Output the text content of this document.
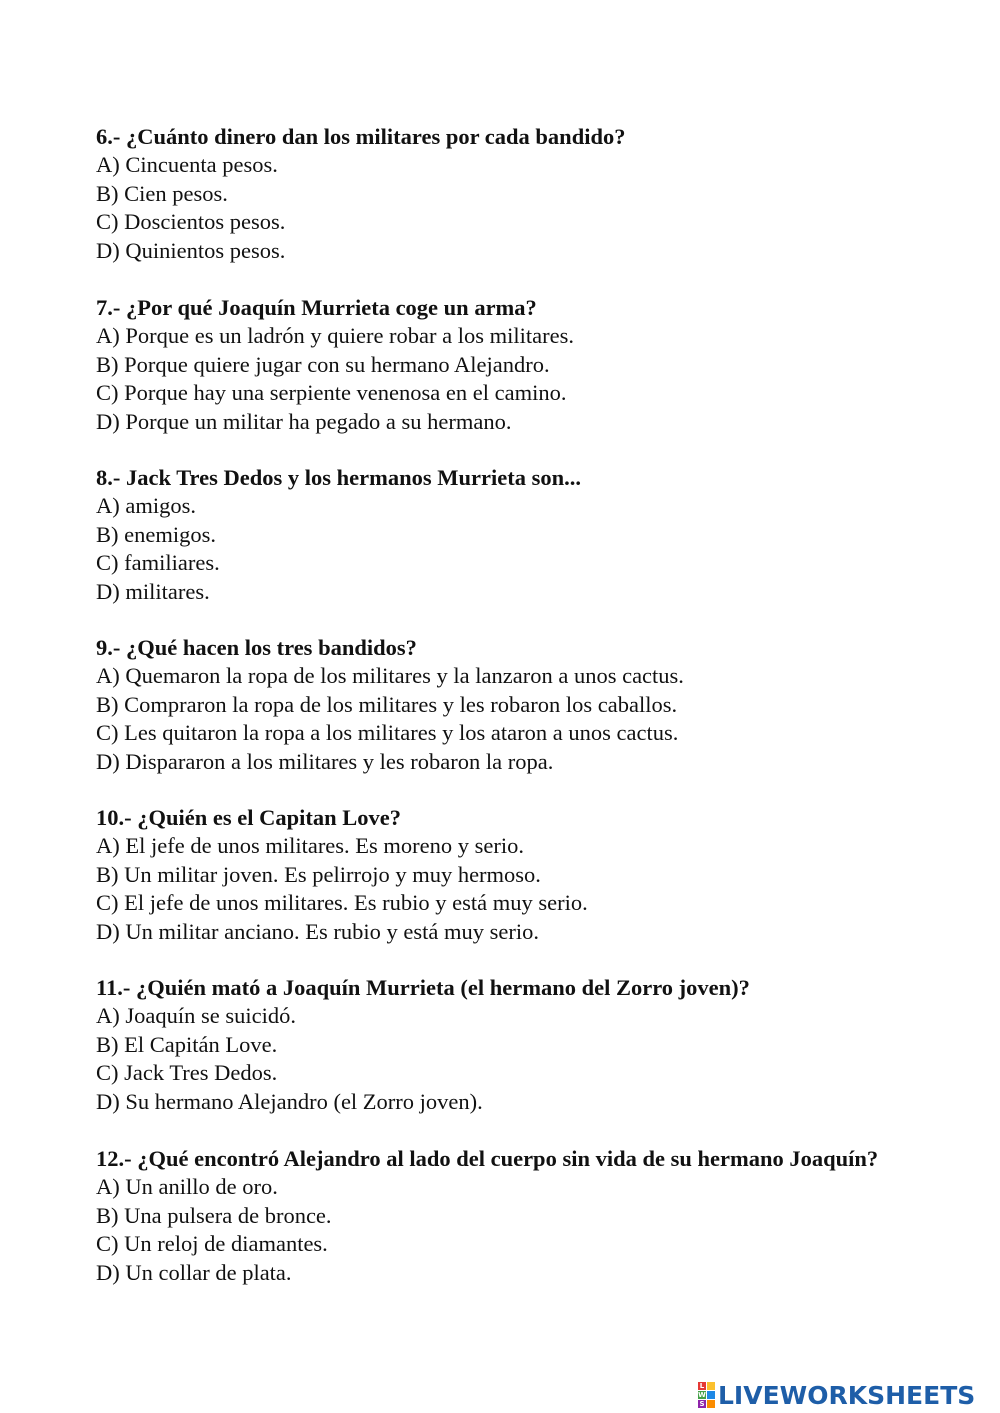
6.- ¿Cuánto dinero dan los militares por cada bandido?

A) Cincuenta pesos.
B) Cien pesos.
C) Doscientos pesos.
D) Quinientos pesos.

7.- ¿Por qué Joaquín Murrieta coge un arma?

A) Porque es un ladrón y quiere robar a los militares.
B) Porque quiere jugar con su hermano Alejandro.
C) Porque hay una serpiente venenosa en el camino.
D) Porque un militar ha pegado a su hermano.

8.- Jack Tres Dedos y los hermanos Murrieta son...

A) amigos.
B) enemigos.
C) familiares.
D) militares.

9.- ¿Qué hacen los tres bandidos?

A) Quemaron la ropa de los militares y la lanzaron a unos cactus.
B) Compraron la ropa de los militares y les robaron los caballos.
C) Les quitaron la ropa a los militares y los ataron a unos cactus.
D) Dispararon a los militares y les robaron la ropa.

10.- ¿Quién es el Capitan Love?

A) El jefe de unos militares. Es moreno y serio.
B) Un militar joven. Es pelirrojo y muy hermoso.
C) El jefe de unos militares. Es rubio y está muy serio.
D) Un militar anciano. Es rubio y está muy serio.

11.- ¿Quién mató a Joaquín Murrieta (el hermano del Zorro joven)?

A) Joaquín se suicidó.
B) El Capitán Love.
C) Jack Tres Dedos.
D) Su hermano Alejandro (el Zorro joven).

12.- ¿Qué encontró Alejandro al lado del cuerpo sin vida de su hermano Joaquín?

A) Un anillo de oro.
B) Una pulsera de bronce.
C) Un reloj de diamantes.
D) Un collar de plata.
L
W
S LIVEWORKSHEETS
